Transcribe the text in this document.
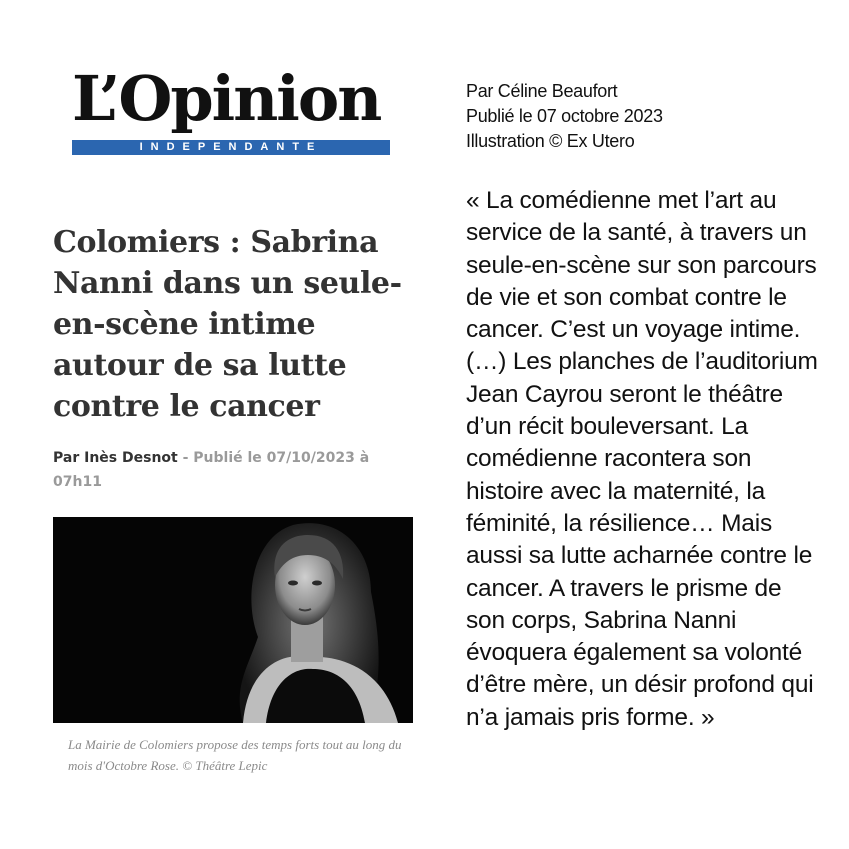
L’Opinion
INDEPENDANTE
Colomiers : Sabrina Nanni dans un seule-en-scène intime autour de sa lutte contre le cancer
Par Inès Desnot - Publié le 07/10/2023 à 07h11
La Mairie de Colomiers propose des temps forts tout au long du mois d'Octobre Rose. © Théâtre Lepic
Par Céline Beaufort
Publié le 07 octobre 2023
Illustration © Ex Utero

« La comédienne met l’art au service de la santé, à travers un seule-en-scène sur son parcours de vie et son combat contre le cancer. C’est un voyage intime.(…) Les planches de l’auditorium Jean Cayrou seront le théâtre d’un récit bouleversant. La comédienne racontera son histoire avec la maternité, la féminité, la résilience… Mais aussi sa lutte acharnée contre le cancer. A travers le prisme de son corps, Sabrina Nanni évoquera également sa volonté d’être mère, un désir profond qui n’a jamais pris forme. »
